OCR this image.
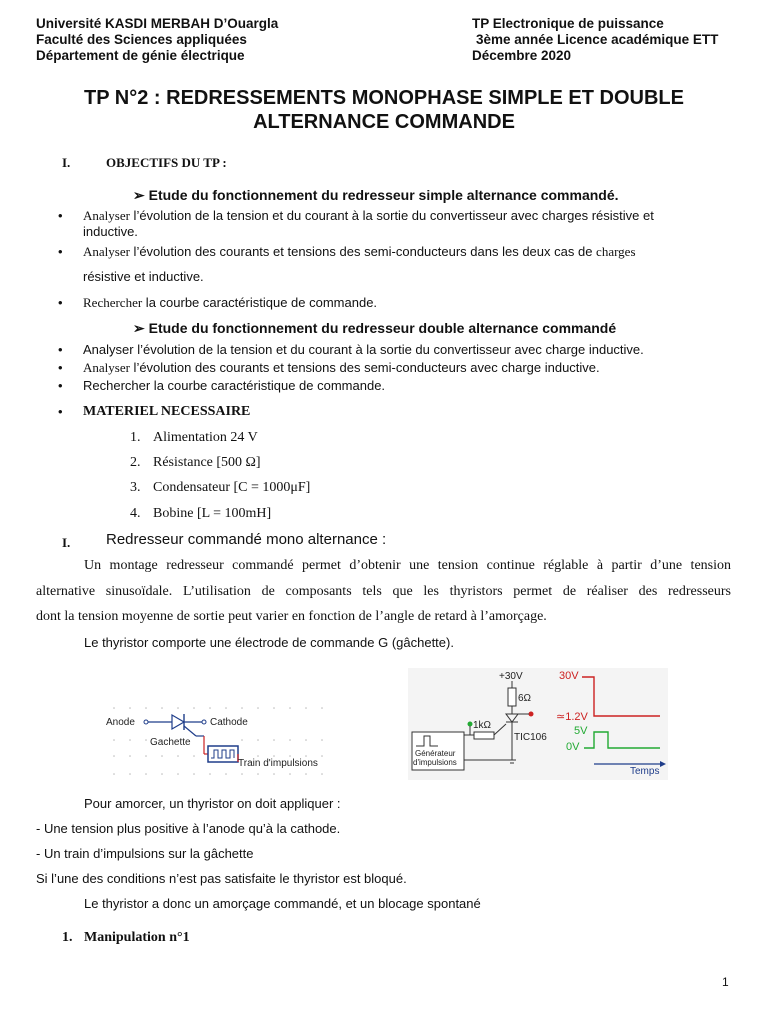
Université KASDI MERBAH D’Ouargla
Faculté des Sciences appliquées
Département de génie électrique
TP Electronique de puissance
3ème année Licence académique ETT
Décembre 2020
TP N°2 : REDRESSEMENTS MONOPHASE SIMPLE ET DOUBLE
ALTERNANCE COMMANDE
I.	OBJECTIFS DU TP :
➢ Etude du fonctionnement du redresseur simple alternance commandé.
• Analyser l’évolution de la tension et du courant à la sortie du convertisseur avec charges résistive et
inductive.
• Analyser l’évolution des courants et tensions des semi-conducteurs dans les deux cas de charges
résistive et inductive.
• Rechercher la courbe caractéristique de commande.
➢ Etude du fonctionnement du redresseur double alternance commandé
• Analyser l’évolution de la tension et du courant à la sortie du convertisseur avec charge inductive.
• Analyser l’évolution des courants et tensions des semi-conducteurs avec charge inductive.
• Rechercher la courbe caractéristique de commande.
• MATERIEL NECESSAIRE
1. Alimentation 24 V
2. Résistance [500 Ω]
3. Condensateur [C = 1000μF]
4. Bobine [L = 100mH]
I. Redresseur commandé mono alternance :
Un montage redresseur commandé permet d’obtenir une tension continue réglable à partir d’une tension
alternative sinusoïdale. L’utilisation de composants tels que les thyristors permet de réaliser des redresseurs
dont la tension moyenne de sortie peut varier en fonction de l’angle de retard à l’amorçage.
Le thyristor comporte une électrode de commande G (gâchette).
Anode	Cathode
Gachette
Train d'impulsions
+30V
6Ω
TIC106
1kΩ
Générateur
d'impulsions
30V
≃1.2V
5V
0V
Temps
Pour amorcer, un thyristor on doit appliquer :
- Une tension plus positive à l’anode qu’à la cathode.
- Un train d’impulsions sur la gâchette
Si l’une des conditions n’est pas satisfaite le thyristor est bloqué.
Le thyristor a donc un amorçage commandé, et un blocage spontané
1. Manipulation n°1
1
